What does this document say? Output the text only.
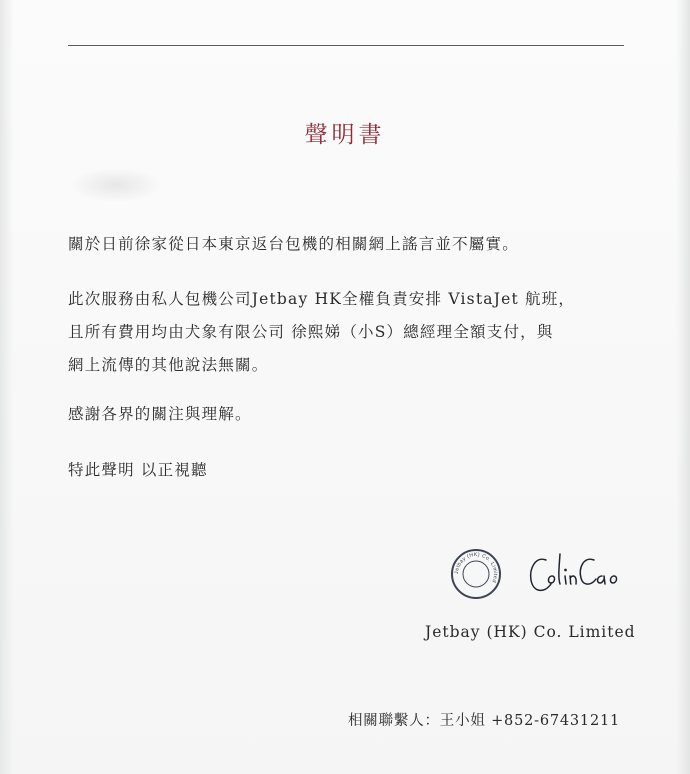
聲明書
關於日前徐家從日本東京返台包機的相關網上謠言並不屬實。
此次服務由私人包機公司Jetbay HK全權負責安排 VistaJet 航班，
且所有費用均由犬象有限公司 徐熙娣（小S）總經理全額支付，與
網上流傳的其他說法無關。
感謝各界的關注與理解。
特此聲明 以正視聽
Jetbay (HK) Co. Limited
Jetbay (HK) Co. Limited
相關聯繫人：王小姐 +852-67431211
